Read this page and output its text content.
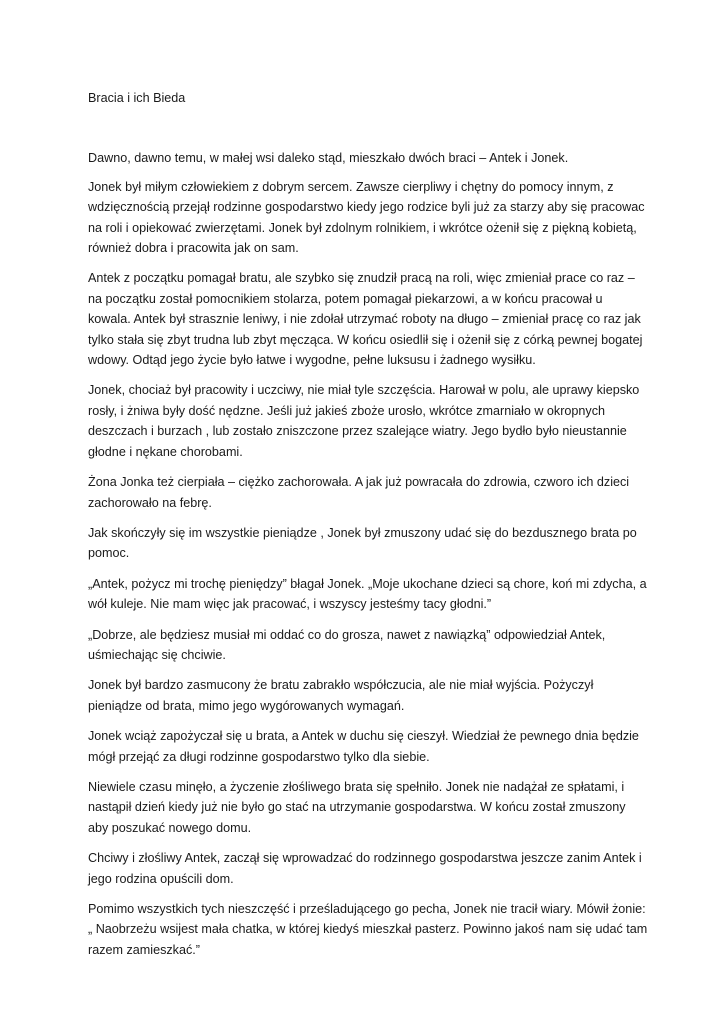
Bracia i ich Bieda

Dawno, dawno temu, w małej wsi daleko stąd, mieszkało dwóch braci – Antek i Jonek.

Jonek był miłym człowiekiem z dobrym sercem. Zawsze cierpliwy i chętny do pomocy innym, z wdzięcznością przejął rodzinne gospodarstwo kiedy jego rodzice byli już za starzy aby się pracowac na roli i opiekować zwierzętami. Jonek był zdolnym rolnikiem, i wkrótce ożenił się z piękną kobietą, również dobra i pracowita jak on sam.

Antek z początku pomagał bratu, ale szybko się znudził pracą na roli, więc zmieniał prace co raz – na początku został pomocnikiem stolarza, potem pomagał piekarzowi, a w końcu pracował u kowala. Antek był strasznie leniwy, i nie zdołał utrzymać roboty na długo – zmieniał pracę co raz jak tylko stała się zbyt trudna lub zbyt męcząca. W końcu osiedlił się i ożenił się z córką pewnej bogatej wdowy. Odtąd jego życie było łatwe i wygodne, pełne luksusu i żadnego wysiłku.

Jonek, chociaż był pracowity i uczciwy, nie miał tyle szczęścia. Harował w polu, ale uprawy kiepsko rosły, i żniwa były dość nędzne. Jeśli już jakieś zboże urosło, wkrótce zmarniało w okropnych deszczach i burzach , lub zostało zniszczone przez szalejące wiatry. Jego bydło było nieustannie głodne i nękane chorobami.

Żona Jonka też cierpiała – ciężko zachorowała. A jak już powracała do zdrowia, czworo ich dzieci zachorowało na febrę.

Jak skończyły się im wszystkie pieniądze , Jonek był zmuszony udać się do bezdusznego brata po pomoc.

„Antek, pożycz mi trochę pieniędzy” błagał Jonek. „Moje ukochane dzieci są chore, koń mi zdycha, a wół kuleje. Nie mam więc jak pracować, i wszyscy jesteśmy tacy głodni.”

„Dobrze, ale będziesz musiał mi oddać co do grosza, nawet z nawiązką” odpowiedział Antek, uśmiechając się chciwie.

Jonek był bardzo zasmucony że bratu zabrakło współczucia, ale nie miał wyjścia. Pożyczył pieniądze od brata, mimo jego wygórowanych wymagań.

Jonek wciąż zapożyczał się u brata, a Antek w duchu się cieszył. Wiedział że pewnego dnia będzie mógł przejąć za długi rodzinne gospodarstwo tylko dla siebie.

Niewiele czasu minęło, a życzenie złośliwego brata się spełniło. Jonek nie nadążał ze spłatami, i nastąpił dzień kiedy już nie było go stać na utrzymanie gospodarstwa. W końcu został zmuszony aby poszukać nowego domu.

Chciwy i złośliwy Antek, zaczął się wprowadzać do rodzinnego gospodarstwa jeszcze zanim Antek i jego rodzina opuścili dom.

Pomimo wszystkich tych nieszczęść i prześladującego go pecha, Jonek nie tracił wiary. Mówił żonie: „ Naobrzeżu wsijest mała chatka, w której kiedyś mieszkał pasterz. Powinno jakoś nam się udać tam razem zamieszkać.”
